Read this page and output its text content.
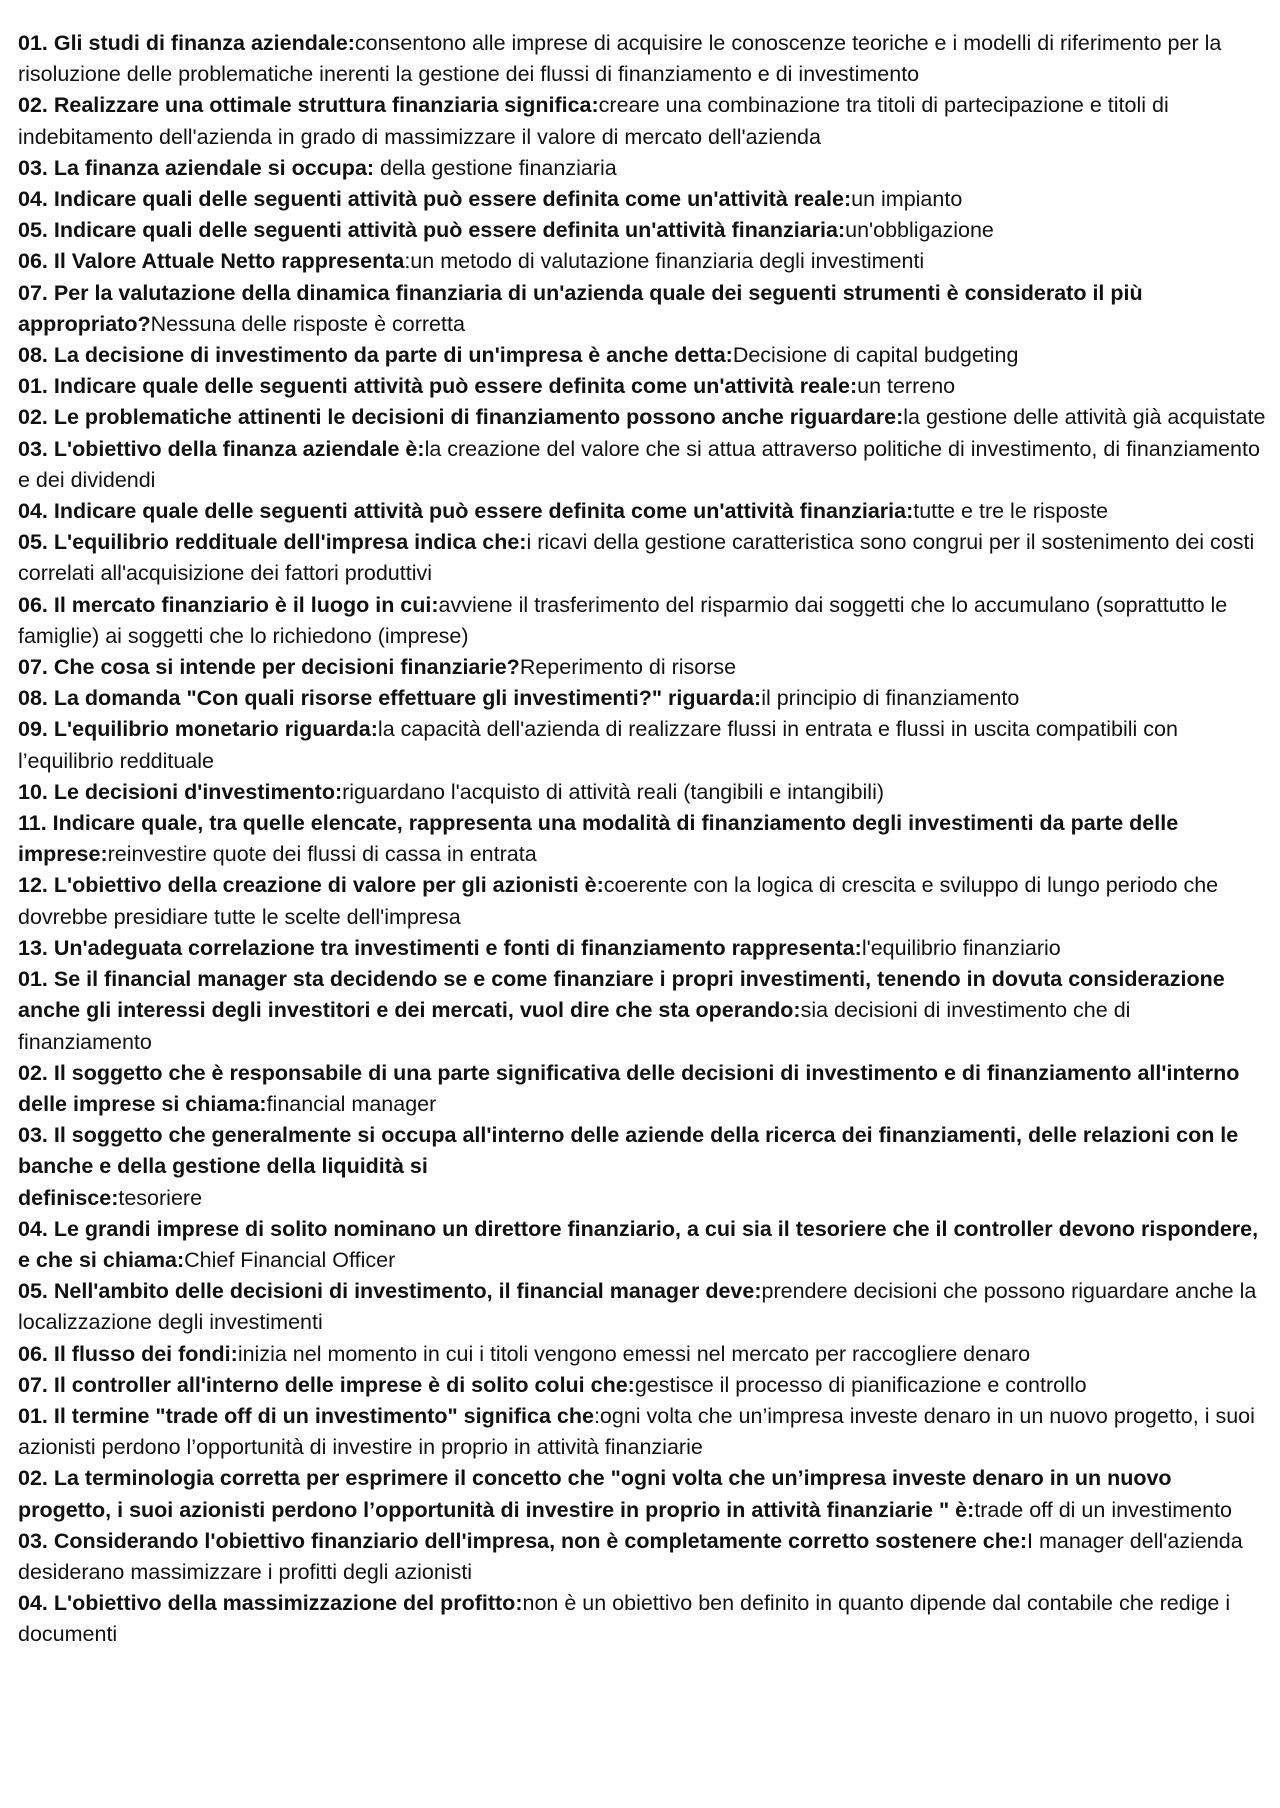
01. Gli studi di finanza aziendale:consentono alle imprese di acquisire le conoscenze teoriche e i modelli di riferimento per la risoluzione delle problematiche inerenti la gestione dei flussi di finanziamento e di investimento

02. Realizzare una ottimale struttura finanziaria significa:creare una combinazione tra titoli di partecipazione e titoli di indebitamento dell'azienda in grado di massimizzare il valore di mercato dell'azienda

03. La finanza aziendale si occupa: della gestione finanziaria

04. Indicare quali delle seguenti attività può essere definita come un'attività reale:un impianto

05. Indicare quali delle seguenti attività può essere definita un'attività finanziaria:un'obbligazione

06. Il Valore Attuale Netto rappresenta:un metodo di valutazione finanziaria degli investimenti

07. Per la valutazione della dinamica finanziaria di un'azienda quale dei seguenti strumenti è considerato il più appropriato?Nessuna delle risposte è corretta

08. La decisione di investimento da parte di un'impresa è anche detta:Decisione di capital budgeting

01. Indicare quale delle seguenti attività può essere definita come un'attività reale:un terreno

02. Le problematiche attinenti le decisioni di finanziamento possono anche riguardare:la gestione delle attività già acquistate

03. L'obiettivo della finanza aziendale è:la creazione del valore che si attua attraverso politiche di investimento, di finanziamento e dei dividendi

04. Indicare quale delle seguenti attività può essere definita come un'attività finanziaria:tutte e tre le risposte

05. L'equilibrio reddituale dell'impresa indica che:i ricavi della gestione caratteristica sono congrui per il sostenimento dei costi correlati all'acquisizione dei fattori produttivi

06. Il mercato finanziario è il luogo in cui:avviene il trasferimento del risparmio dai soggetti che lo accumulano (soprattutto le famiglie) ai soggetti che lo richiedono (imprese)

07. Che cosa si intende per decisioni finanziarie?Reperimento di risorse

08. La domanda "Con quali risorse effettuare gli investimenti?" riguarda:il principio di finanziamento

09. L'equilibrio monetario riguarda:la capacità dell'azienda di realizzare flussi in entrata e flussi in uscita compatibili con l’equilibrio reddituale

10. Le decisioni d'investimento:riguardano l'acquisto di attività reali (tangibili e intangibili)

11. Indicare quale, tra quelle elencate, rappresenta una modalità di finanziamento degli investimenti da parte delle imprese:reinvestire quote dei flussi di cassa in entrata

12. L'obiettivo della creazione di valore per gli azionisti è:coerente con la logica di crescita e sviluppo di lungo periodo che dovrebbe presidiare tutte le scelte dell'impresa

13. Un'adeguata correlazione tra investimenti e fonti di finanziamento rappresenta:l'equilibrio finanziario

01. Se il financial manager sta decidendo se e come finanziare i propri investimenti, tenendo in dovuta considerazione anche gli interessi degli investitori e dei mercati, vuol dire che sta operando:sia decisioni di investimento che di finanziamento

02. Il soggetto che è responsabile di una parte significativa delle decisioni di investimento e di finanziamento all'interno delle imprese si chiama:financial manager

03. Il soggetto che generalmente si occupa all'interno delle aziende della ricerca dei finanziamenti, delle relazioni con le banche e della gestione della liquidità si
definisce:tesoriere

04. Le grandi imprese di solito nominano un direttore finanziario, a cui sia il tesoriere che il controller devono rispondere, e che si chiama:Chief Financial Officer

05. Nell'ambito delle decisioni di investimento, il financial manager deve:prendere decisioni che possono riguardare anche la localizzazione degli investimenti

06. Il flusso dei fondi:inizia nel momento in cui i titoli vengono emessi nel mercato per raccogliere denaro

07. Il controller all'interno delle imprese è di solito colui che:gestisce il processo di pianificazione e controllo

01. Il termine "trade off di un investimento" significa che:ogni volta che un’impresa investe denaro in un nuovo progetto, i suoi azionisti perdono l’opportunità di investire in proprio in attività finanziarie

02. La terminologia corretta per esprimere il concetto che "ogni volta che un’impresa investe denaro in un nuovo progetto, i suoi azionisti perdono l’opportunità di investire in proprio in attività finanziarie " è:trade off di un investimento

03. Considerando l'obiettivo finanziario dell'impresa, non è completamente corretto sostenere che:I manager dell'azienda desiderano massimizzare i profitti degli azionisti

04. L'obiettivo della massimizzazione del profitto:non è un obiettivo ben definito in quanto dipende dal contabile che redige i documenti
